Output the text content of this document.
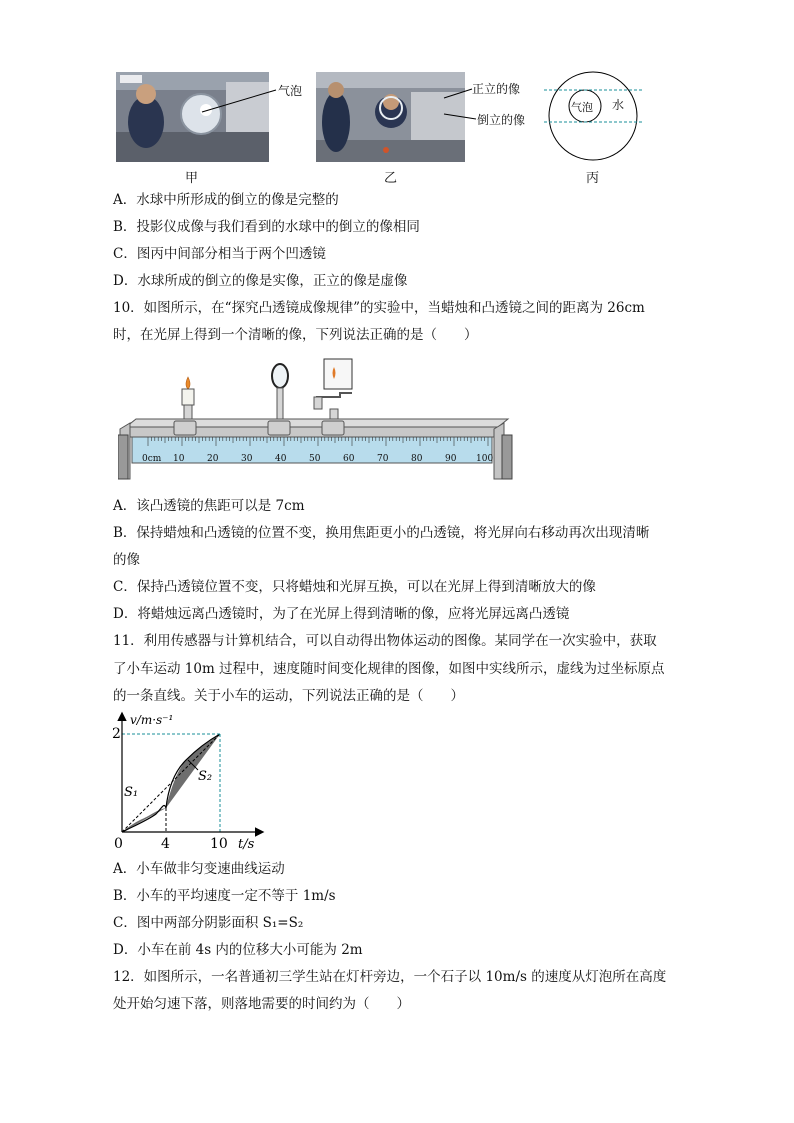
气泡
甲
正立的像
倒立的像
乙
气泡 水
丙
A．水球中所形成的倒立的像是完整的
B．投影仪成像与我们看到的水球中的倒立的像相同
C．图丙中间部分相当于两个凹透镜
D．水球所成的倒立的像是实像，正立的像是虚像
10．如图所示，在“探究凸透镜成像规律”的实验中，当蜡烛和凸透镜之间的距离为 26cm
时，在光屏上得到一个清晰的像，下列说法正确的是（　　）
0cm 10	20	30	40	50	60	70	80	90 100
A．该凸透镜的焦距可以是 7cm
B．保持蜡烛和凸透镜的位置不变，换用焦距更小的凸透镜，将光屏向右移动再次出现清晰
的像
C．保持凸透镜位置不变，只将蜡烛和光屏互换，可以在光屏上得到清晰放大的像
D．将蜡烛远离凸透镜时，为了在光屏上得到清晰的像，应将光屏远离凸透镜
11．利用传感器与计算机结合，可以自动得出物体运动的图像。某同学在一次实验中，获取
了小车运动 10m 过程中，速度随时间变化规律的图像，如图中实线所示，虚线为过坐标原点
的一条直线。关于小车的运动，下列说法正确的是（　　）
v/m·s⁻¹
2
0	4	10 t/s
S₁
S₂
A．小车做非匀变速曲线运动
B．小车的平均速度一定不等于 1m/s
C．图中两部分阴影面积 S₁=S₂
D．小车在前 4s 内的位移大小可能为 2m
12．如图所示，一名普通初三学生站在灯杆旁边，一个石子以 10m/s 的速度从灯泡所在高度
处开始匀速下落，则落地需要的时间约为（　　）
